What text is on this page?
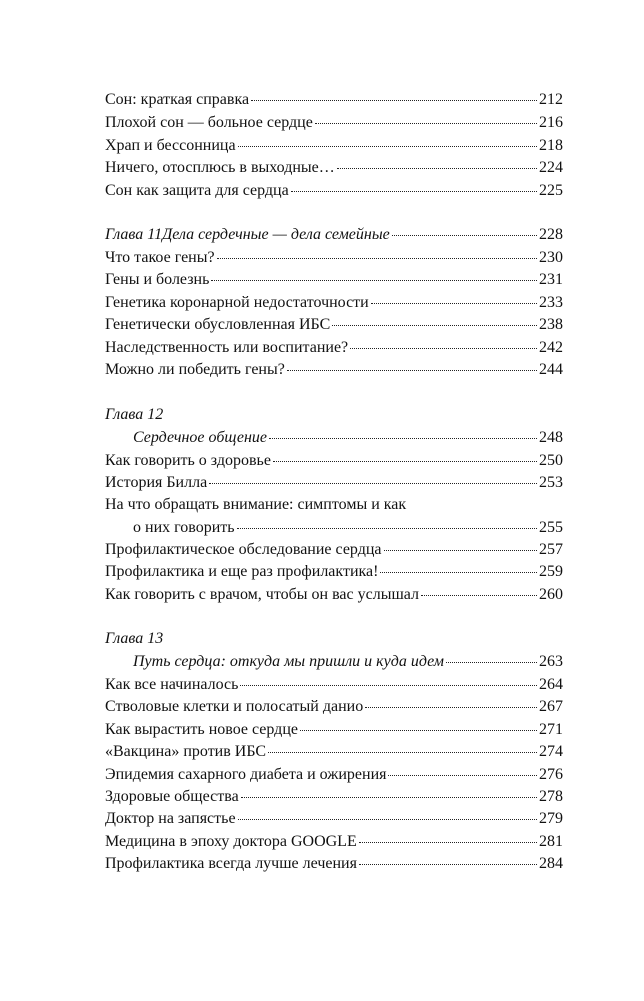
Сон: краткая справка	212
Плохой сон — больное сердце	216
Храп и бессонница	218
Ничего, отосплюсь в выходные…	224
Сон как защита для сердца	225
Глава 11Дела сердечные — дела семейные	228
Что такое гены?	230
Гены и болезнь	231
Генетика коронарной недостаточности	233
Генетически обусловленная ИБС	238
Наследственность или воспитание?	242
Можно ли победить гены?	244
Глава 12
Сердечное общение	248
Как говорить о здоровье	250
История Билла	253
На что обращать внимание: симптомы и как
о них говорить	255
Профилактическое обследование сердца	257
Профилактика и еще раз профилактика!	259
Как говорить с врачом, чтобы он вас услышал	260
Глава 13
Путь сердца: откуда мы пришли и куда идем	263
Как все начиналось	264
Стволовые клетки и полосатый данио	267
Как вырастить новое сердце	271
«Вакцина» против ИБС	274
Эпидемия сахарного диабета и ожирения	276
Здоровые общества	278
Доктор на запястье	279
Медицина в эпоху доктора GOOGLE	281
Профилактика всегда лучше лечения	284
